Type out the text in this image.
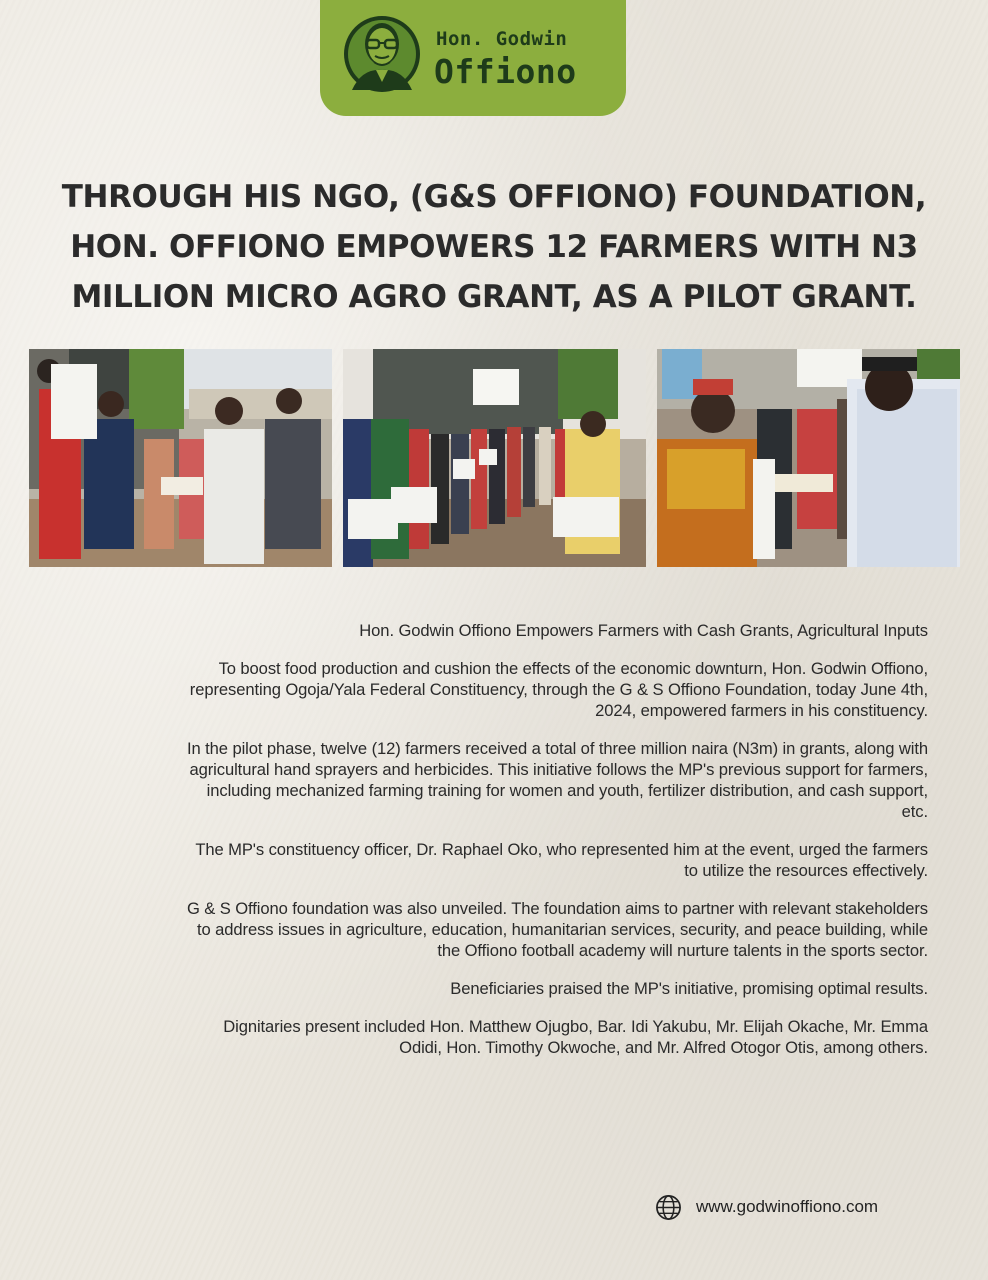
Hon. Godwin
Offiono
THROUGH HIS NGO, (G&S OFFIONO) FOUNDATION,
HON. OFFIONO EMPOWERS 12 FARMERS WITH N3
MILLION MICRO AGRO GRANT, AS A PILOT GRANT.

Hon. Godwin Offiono Empowers Farmers with Cash Grants, Agricultural Inputs

To boost food production and cushion the effects of the economic downturn, Hon. Godwin Offiono,
representing Ogoja/Yala Federal Constituency, through the G & S Offiono Foundation, today June 4th,
2024, empowered farmers in his constituency.

In the pilot phase, twelve (12) farmers received a total of three million naira (N3m) in grants, along with
agricultural hand sprayers and herbicides. This initiative follows the MP's previous support for farmers,
including mechanized farming training for women and youth, fertilizer distribution, and cash support,
etc.

The MP's constituency officer, Dr. Raphael Oko, who represented him at the event, urged the farmers
to utilize the resources effectively.

G & S Offiono foundation was also unveiled. The foundation aims to partner with relevant stakeholders
to address issues in agriculture, education, humanitarian services, security, and peace building, while
the Offiono football academy will nurture talents in the sports sector.

Beneficiaries praised the MP's initiative, promising optimal results.

Dignitaries present included Hon. Matthew Ojugbo, Bar. Idi Yakubu, Mr. Elijah Okache, Mr. Emma
Odidi, Hon. Timothy Okwoche, and Mr. Alfred Otogor Otis, among others.

www.godwinoffiono.com
